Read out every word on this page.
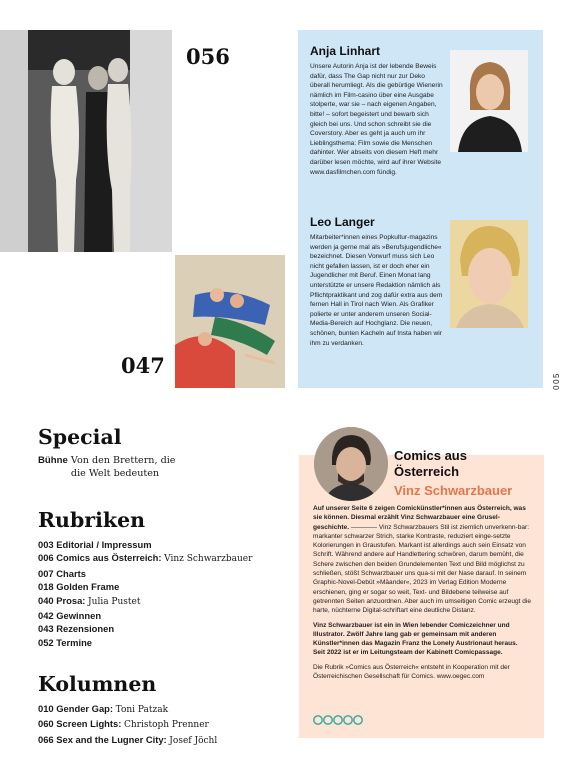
056
047
Anja Linhart
Unsere Autorin Anja ist der lebende Beweis dafür, dass The Gap nicht nur zur Deko überall herumliegt. Als die gebürtige Wienerin nämlich im Film-casino über eine Ausgabe stolperte, war sie – nach eigenen Angaben, bitte! – sofort begeistert und bewarb sich gleich bei uns. Und schon schreibt sie die Coverstory. Aber es geht ja auch um ihr Lieblingsthema: Film sowie die Menschen dahinter. Wer abseits von diesem Heft mehr darüber lesen möchte, wird auf ihrer Website www.dasfilmchen.com fündig.
Leo Langer
Mitarbeiter*innen eines Popkultur-magazins werden ja gerne mal als »Berufsjugendliche« bezeichnet. Diesen Vorwurf muss sich Leo nicht gefallen lassen, ist er doch eher ein Jugendlicher mit Beruf. Einen Monat lang unterstützte er unsere Redaktion nämlich als Pflichtpraktikant und zog dafür extra aus dem fernen Hall in Tirol nach Wien. Als Grafiker polierte er unter anderem unseren Social-Media-Bereich auf Hochglanz. Die neuen, schönen, bunten Kacheln auf Insta haben wir ihm zu verdanken.
005
Special
Bühne Von den Brettern, die die Welt bedeuten
Rubriken
003 Editorial / Impressum
006 Comics aus Österreich: Vinz Schwarzbauer
007 Charts
018 Golden Frame
040 Prosa: Julia Pustet
042 Gewinnen
043 Rezensionen
052 Termine
Kolumnen
010 Gender Gap: Toni Patzak
060 Screen Lights: Christoph Prenner
066 Sex and the Lugner City: Josef Jöchl
Comics aus
Österreich
Vinz Schwarzbauer

Auf unserer Seite 6 zeigen Comickünstler*innen aus Österreich, was sie können. Diesmal erzählt Vinz Schwarzbauer eine Grusel-geschichte. ———— Vinz Schwarzbauers Stil ist ziemlich unverkenn-bar: markanter schwarzer Strich, starke Kontraste, reduziert einge-setzte Kolorierungen in Graustufen. Markant ist allerdings auch sein Einsatz von Schrift. Während andere auf Handlettering schwören, darum bemüht, die Schere zwischen den beiden Grundelementen Text und Bild möglichst zu schließen, stößt Schwarzbauer uns qua-si mit der Nase darauf. In seinem Graphic-Novel-Debüt »Mäander«, 2023 im Verlag Edition Moderne erschienen, ging er sogar so weit, Text- und Bildebene teilweise auf getrennten Seiten anzuordnen. Aber auch im umseitigen Comic erzeugt die harte, nüchterne Digital-schriftart eine deutliche Distanz.

Vinz Schwarzbauer ist ein in Wien lebender Comiczeichner und Illustrator. Zwölf Jahre lang gab er gemeinsam mit anderen Künstler*innen das Magazin Franz the Lonely Austrionaut heraus. Seit 2022 ist er im Leitungsteam der Kabinett Comicpassage.

Die Rubrik »Comics aus Österreich« entsteht in Kooperation mit der Österreichischen Gesellschaft für Comics. www.oegec.com
